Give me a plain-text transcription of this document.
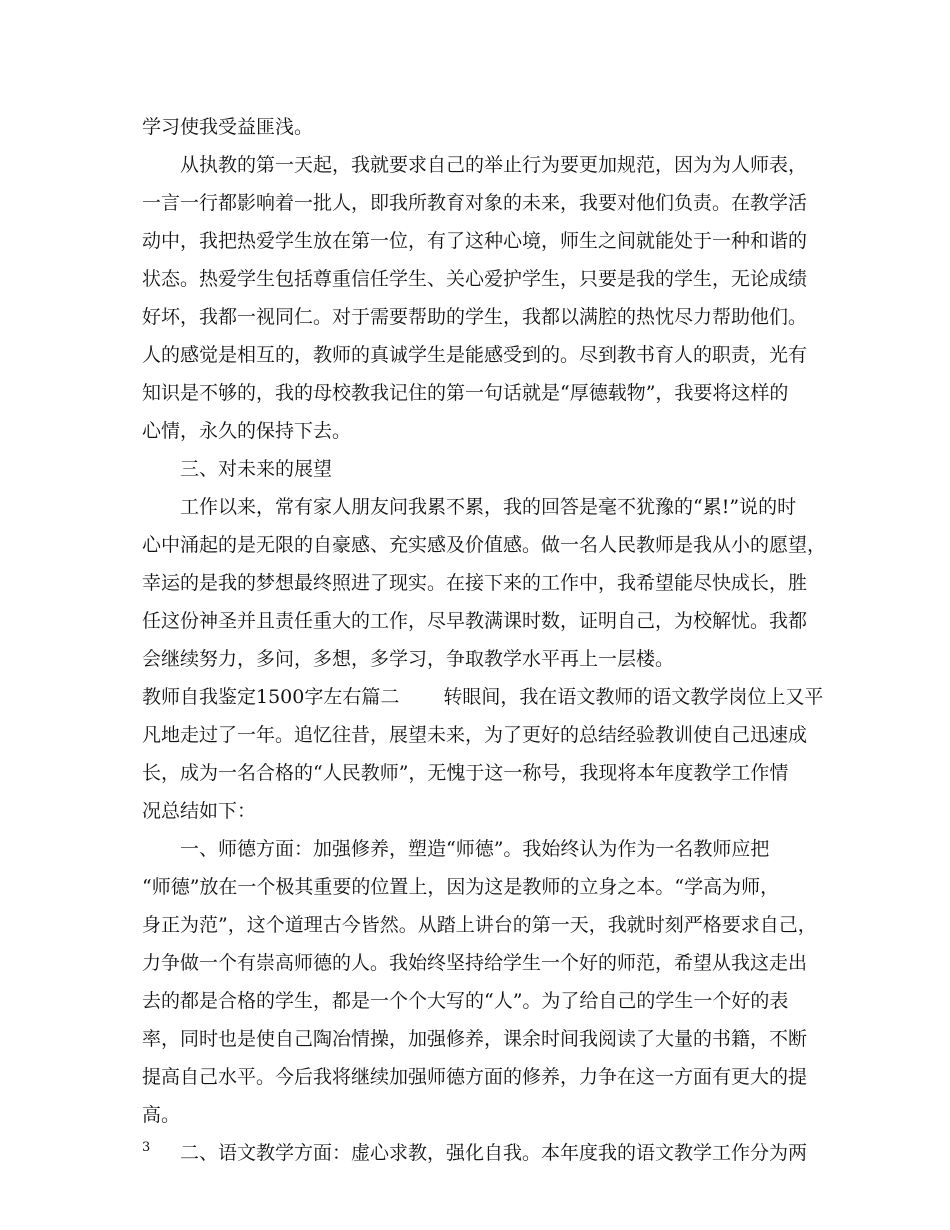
学习使我受益匪浅。
从执教的第一天起，我就要求自己的举止行为要更加规范，因为为人师表，
一言一行都影响着一批人，即我所教育对象的未来，我要对他们负责。在教学活
动中，我把热爱学生放在第一位，有了这种心境，师生之间就能处于一种和谐的
状态。热爱学生包括尊重信任学生、关心爱护学生，只要是我的学生，无论成绩
好坏，我都一视同仁。对于需要帮助的学生，我都以满腔的热忱尽力帮助他们。
人的感觉是相互的，教师的真诚学生是能感受到的。尽到教书育人的职责，光有
知识是不够的，我的母校教我记住的第一句话就是“厚德载物”，我要将这样的
心情，永久的保持下去。
三、对未来的展望
工作以来，常有家人朋友问我累不累，我的回答是毫不犹豫的“累!”说的时
心中涌起的是无限的自豪感、充实感及价值感。做一名人民教师是我从小的愿望，
幸运的是我的梦想最终照进了现实。在接下来的工作中，我希望能尽快成长，胜
任这份神圣并且责任重大的工作，尽早教满课时数，证明自己，为校解忧。我都
会继续努力，多问，多想，多学习，争取教学水平再上一层楼。
教师自我鉴定1500字左右篇二 转眼间，我在语文教师的语文教学岗位上又平
凡地走过了一年。追忆往昔，展望未来，为了更好的总结经验教训使自己迅速成
长，成为一名合格的“人民教师”，无愧于这一称号，我现将本年度教学工作情
况总结如下：
一、师德方面：加强修养，塑造“师德”。我始终认为作为一名教师应把
“师德”放在一个极其重要的位置上，因为这是教师的立身之本。“学高为师，
身正为范”，这个道理古今皆然。从踏上讲台的第一天，我就时刻严格要求自己，
力争做一个有崇高师德的人。我始终坚持给学生一个好的师范，希望从我这走出
去的都是合格的学生，都是一个个大写的“人”。为了给自己的学生一个好的表
率，同时也是使自己陶冶情操，加强修养，课余时间我阅读了大量的书籍，不断
提高自己水平。今后我将继续加强师德方面的修养，力争在这一方面有更大的提
高。
二、语文教学方面：虚心求教，强化自我。本年度我的语文教学工作分为两
3
